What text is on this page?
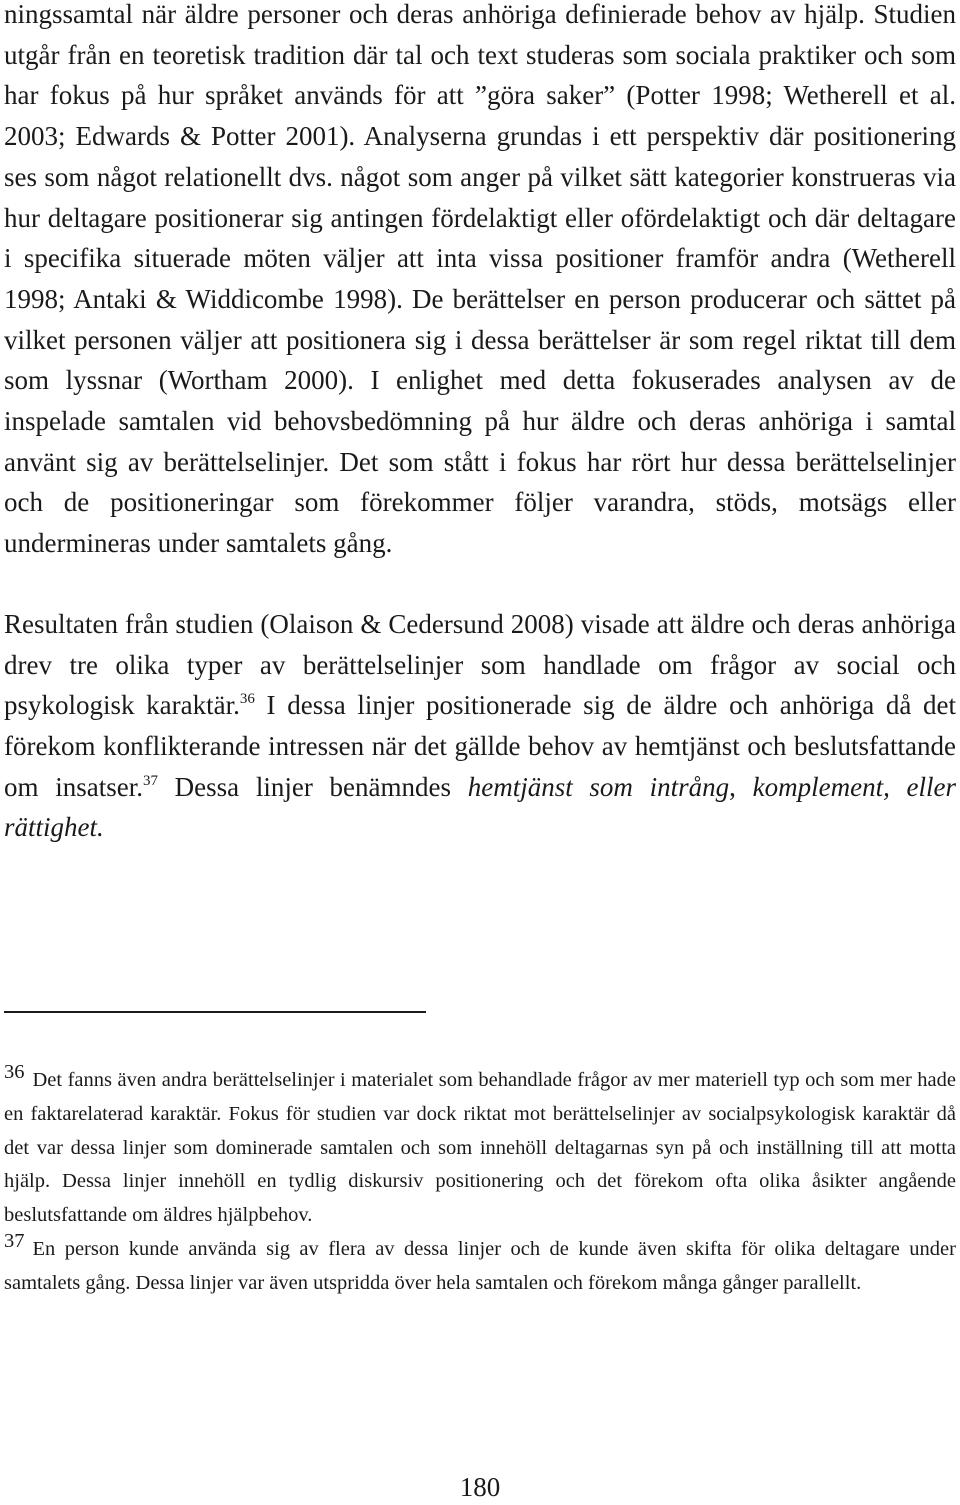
ningssamtal när äldre personer och deras anhöriga definierade behov av hjälp. Studien utgår från en teoretisk tradition där tal och text studeras som sociala praktiker och som har fokus på hur språket används för att ”göra saker” (Potter 1998; Wetherell et al. 2003; Edwards & Potter 2001). Analyserna grundas i ett perspektiv där positionering ses som något relationellt dvs. något som anger på vilket sätt kategorier konstrueras via hur deltagare positionerar sig antingen fördelaktigt eller ofördelaktigt och där deltagare i specifika situerade möten väljer att inta vissa positioner framför andra (Wetherell 1998; Antaki & Widdicombe 1998). De berättelser en person producerar och sättet på vilket personen väljer att positionera sig i dessa berättelser är som regel riktat till dem som lyssnar (Wortham 2000). I enlighet med detta fokuserades analysen av de inspelade samtalen vid behovsbedömning på hur äldre och deras anhöriga i samtal använt sig av berättelselinjer. Det som stått i fokus har rört hur dessa berättelselinjer och de positioneringar som förekommer följer varandra, stöds, motsägs eller undermineras under samtalets gång.

Resultaten från studien (Olaison & Cedersund 2008) visade att äldre och deras anhöriga drev tre olika typer av berättelselinjer som handlade om frågor av social och psykologisk karaktär.$^{36}$ I dessa linjer positionerade sig de äldre och anhöriga då det förekom konflikterande intressen när det gällde behov av hemtjänst och beslutsfattande om insatser.$^{37}$ Dessa linjer benämndes hemtjänst som intrång, komplement, eller rättighet.

36 Det fanns även andra berättelselinjer i materialet som behandlade frågor av mer materiell typ och som mer hade en faktarelaterad karaktär. Fokus för studien var dock riktat mot berättelselinjer av socialpsykologisk karaktär då det var dessa linjer som dominerade samtalen och som innehöll deltagarnas syn på och inställning till att motta hjälp. Dessa linjer innehöll en tydlig diskursiv positionering och det förekom ofta olika åsikter angående beslutsfattande om äldres hjälpbehov.

37 En person kunde använda sig av flera av dessa linjer och de kunde även skifta för olika deltagare under samtalets gång. Dessa linjer var även utspridda över hela samtalen och förekom många gånger parallellt.

180
